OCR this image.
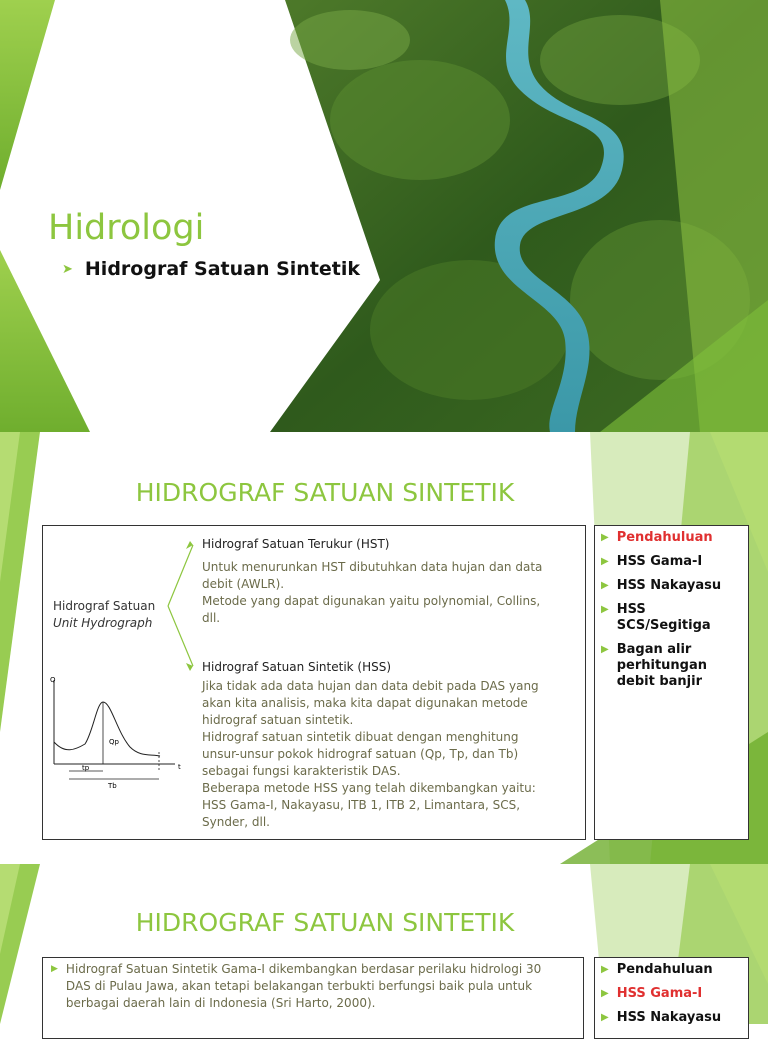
Hidrologi
➤ Hidrograf Satuan Sintetik
HIDROGRAF SATUAN SINTETIK
Hidrograf Satuan
Unit Hydrograph
Hidrograf Satuan Terukur (HST)
Untuk menurunkan HST dibutuhkan data hujan dan data
debit (AWLR).
Metode yang dapat digunakan yaitu polynomial, Collins,
dll.
Hidrograf Satuan Sintetik (HSS)
Jika tidak ada data hujan dan data debit pada DAS yang
akan kita analisis, maka kita dapat digunakan metode
hidrograf satuan sintetik.
Hidrograf satuan sintetik dibuat dengan menghitung
unsur-unsur pokok hidrograf satuan (Qp, Tp, dan Tb)
sebagai fungsi karakteristik DAS.
Beberapa metode HSS yang telah dikembangkan yaitu:
HSS Gama-I, Nakayasu, ITB 1, ITB 2, Limantara, SCS,
Synder, dll.
Q
t
Qp
tp
Tb
▶ Pendahuluan
▶ HSS Gama-I
▶ HSS Nakayasu
▶ HSS SCS/Segitiga
▶ Bagan alir perhitungan debit banjir
HIDROGRAF SATUAN SINTETIK
▶ Hidrograf Satuan Sintetik Gama-I dikembangkan berdasar perilaku hidrologi 30
DAS di Pulau Jawa, akan tetapi belakangan terbukti berfungsi baik pula untuk
berbagai daerah lain di Indonesia (Sri Harto, 2000).
▶ Pendahuluan
▶ HSS Gama-I
▶ HSS Nakayasu
